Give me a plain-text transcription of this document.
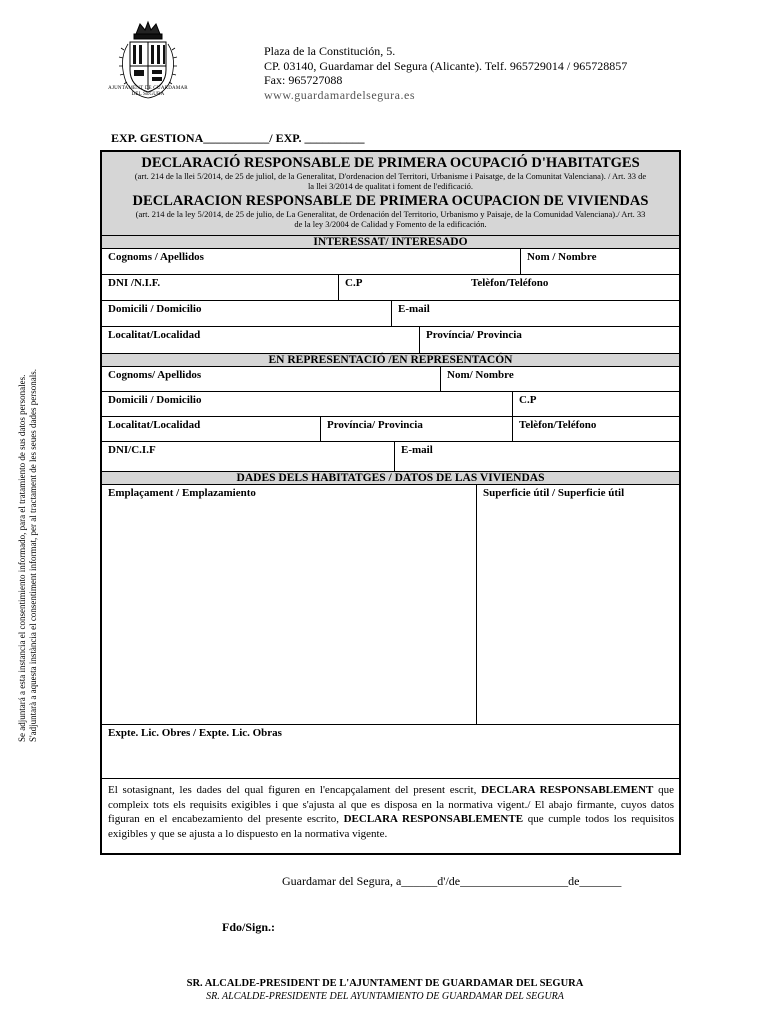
AJUNTAMENT DE GUARDAMAR DEL SEGURA
Plaza de la Constitución, 5.
CP. 03140, Guardamar del Segura (Alicante). Telf. 965729014 / 965728857
Fax: 965727088
www.guardamardelsegura.es
EXP. GESTIONA___________/ EXP. __________
Se adjuntará a esta instancia el consentimiento informado, para el tratamiento de sus datos personales. S'adjuntarà a aquesta instància el consentiment informat, per al tractament de les seues dades personals.
DECLARACIÓ RESPONSABLE DE PRIMERA OCUPACIÓ D'HABITATGES
(art. 214 de la llei 5/2014, de 25 de juliol, de la Generalitat, D'ordenacion del Territori, Urbanisme i Paisatge, de la Comunitat Valenciana). / Art. 33 de la llei 3/2014 de qualitat i foment de l'edificació.
DECLARACION RESPONSABLE DE PRIMERA OCUPACION DE VIVIENDAS
(art. 214 de la ley 5/2014, de 25 de julio, de La Generalitat, de Ordenación del Territorio, Urbanismo y Paisaje, de la Comunidad Valenciana)./ Art. 33 de la ley 3/2004 de Calidad y Fomento de la edificación.
INTERESSAT/ INTERESADO
Cognoms / Apellidos	Nom / Nombre
DNI /N.I.F.	C.P	Telèfon/Teléfono
Domicili / Domicilio	E-mail
Localitat/Localidad	Província/ Provincia
EN REPRESENTACIÓ /EN REPRESENTACÓN
Cognoms/ Apellidos	Nom/ Nombre
Domicili / Domicilio	C.P
Localitat/Localidad	Província/ Provincia	Telèfon/Teléfono
DNI/C.I.F	E-mail
DADES DELS HABITATGES / DATOS DE LAS VIVIENDAS
Emplaçament / Emplazamiento	Superficie útil / Superficie útil
Expte. Lic. Obres / Expte. Lic. Obras
El sotasignant, les dades del qual figuren en l'encapçalament del present escrit, DECLARA RESPONSABLEMENT que compleix tots els requisits exigibles i que s'ajusta al que es disposa en la normativa vigent./ El abajo firmante, cuyos datos figuran en el encabezamiento del presente escrito, DECLARA RESPONSABLEMENTE que cumple todos los requisitos exigibles y que se ajusta a lo dispuesto en la normativa vigente.
Guardamar del Segura, a______d'/de__________________de_______
Fdo/Sign.:
SR. ALCALDE-PRESIDENT DE L'AJUNTAMENT DE GUARDAMAR DEL SEGURA
SR. ALCALDE-PRESIDENTE DEL AYUNTAMIENTO DE GUARDAMAR DEL SEGURA
